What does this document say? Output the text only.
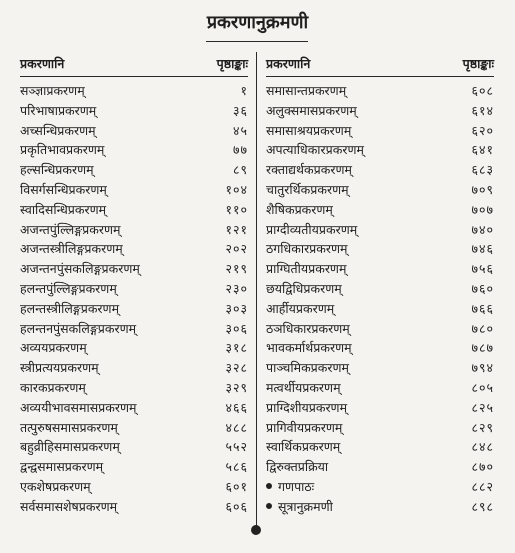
प्रकरणानुक्रमणी
प्रकरणानि	पृष्ठाङ्काः
सञ्ज्ञाप्रकरणम्	१
परिभाषाप्रकरणम्	३६
अच्सन्धिप्रकरणम्	४५
प्रकृतिभावप्रकरणम्	७७
हल्सन्धिप्रकरणम्	८९
विसर्गसन्धिप्रकरणम्	१०४
स्वादिसन्धिप्रकरणम्	११०
अजन्तपुंल्लिङ्गप्रकरणम्	१२१
अजन्तस्त्रीलिङ्गप्रकरणम्	२०२
अजन्तनपुंसकलिङ्गप्रकरणम्	२१९
हलन्तपुंल्लिङ्गप्रकरणम्	२३०
हलन्तस्त्रीलिङ्गप्रकरणम्	३०३
हलन्तनपुंसकलिङ्गप्रकरणम्	३०६
अव्ययप्रकरणम्	३१८
स्त्रीप्रत्ययप्रकरणम्	३२८
कारकप्रकरणम्	३२९
अव्ययीभावसमासप्रकरणम्	४६६
तत्पुरुषसमासप्रकरणम्	४८८
बहुव्रीहिसमासप्रकरणम्	५५२
द्वन्द्वसमासप्रकरणम्	५८६
एकशेषप्रकरणम्	६०१
सर्वसमासशेषप्रकरणम्	६०६
प्रकरणानि	पृष्ठाङ्काः
समासान्तप्रकरणम्	६०८
अलुक्समासप्रकरणम्	६१४
समासाश्रयप्रकरणम्	६२०
अपत्याधिकारप्रकरणम्	६४१
रक्ताद्यर्थकप्रकरणम्	६८३
चातुरर्थिकप्रकरणम्	७०९
शैषिकप्रकरणम्	७०७
प्राग्दीव्यतीयप्रकरणम्	७४०
ठगधिकारप्रकरणम्	७४६
प्राग्घितीयप्रकरणम्	७५६
छयद्विधिप्रकरणम्	७६०
आर्हीयप्रकरणम्	७६६
ठञधिकारप्रकरणम्	७८०
भावकर्मार्थप्रकरणम्	७८७
पाञ्चमिकप्रकरणम्	७९४
मत्वर्थीयप्रकरणम्	८०५
प्राग्दिशीयप्रकरणम्	८२५
प्रागिवीयप्रकरणम्	८२९
स्वार्थिकप्रकरणम्	८४८
द्विरुक्तप्रक्रिया	८७०
गणपाठः	८८२
सूत्रानुक्रमणी	८९८
